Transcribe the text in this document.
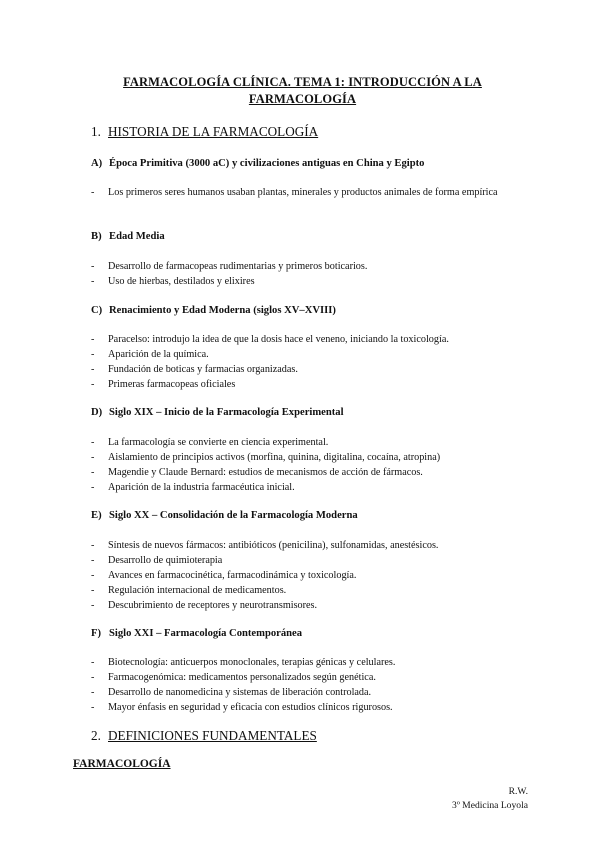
FARMACOLOGÍA CLÍNICA. TEMA 1: INTRODUCCIÓN A LA
FARMACOLOGÍA
1. HISTORIA DE LA FARMACOLOGÍA
A) Época Primitiva (3000 aC) y civilizaciones antiguas en China y Egipto
- Los primeros seres humanos usaban plantas, minerales y productos animales de forma empírica
B) Edad Media
- Desarrollo de farmacopeas rudimentarias y primeros boticarios.
- Uso de hierbas, destilados y elixires
C) Renacimiento y Edad Moderna (siglos XV–XVIII)
- Paracelso: introdujo la idea de que la dosis hace el veneno, iniciando la toxicología.
- Aparición de la química.
- Fundación de boticas y farmacias organizadas.
- Primeras farmacopeas oficiales
D) Siglo XIX – Inicio de la Farmacología Experimental
- La farmacología se convierte en ciencia experimental.
- Aislamiento de principios activos (morfina, quinina, digitalina, cocaína, atropina)
- Magendie y Claude Bernard: estudios de mecanismos de acción de fármacos.
- Aparición de la industria farmacéutica inicial.
E) Siglo XX – Consolidación de la Farmacología Moderna
- Síntesis de nuevos fármacos: antibióticos (penicilina), sulfonamidas, anestésicos.
- Desarrollo de quimioterapia
- Avances en farmacocinética, farmacodinámica y toxicología.
- Regulación internacional de medicamentos.
- Descubrimiento de receptores y neurotransmisores.
F) Siglo XXI – Farmacología Contemporánea
- Biotecnología: anticuerpos monoclonales, terapias génicas y celulares.
- Farmacogenómica: medicamentos personalizados según genética.
- Desarrollo de nanomedicina y sistemas de liberación controlada.
- Mayor énfasis en seguridad y eficacia con estudios clínicos rigurosos.
2. DEFINICIONES FUNDAMENTALES
FARMACOLOGÍA
R.W.
3º Medicina Loyola
